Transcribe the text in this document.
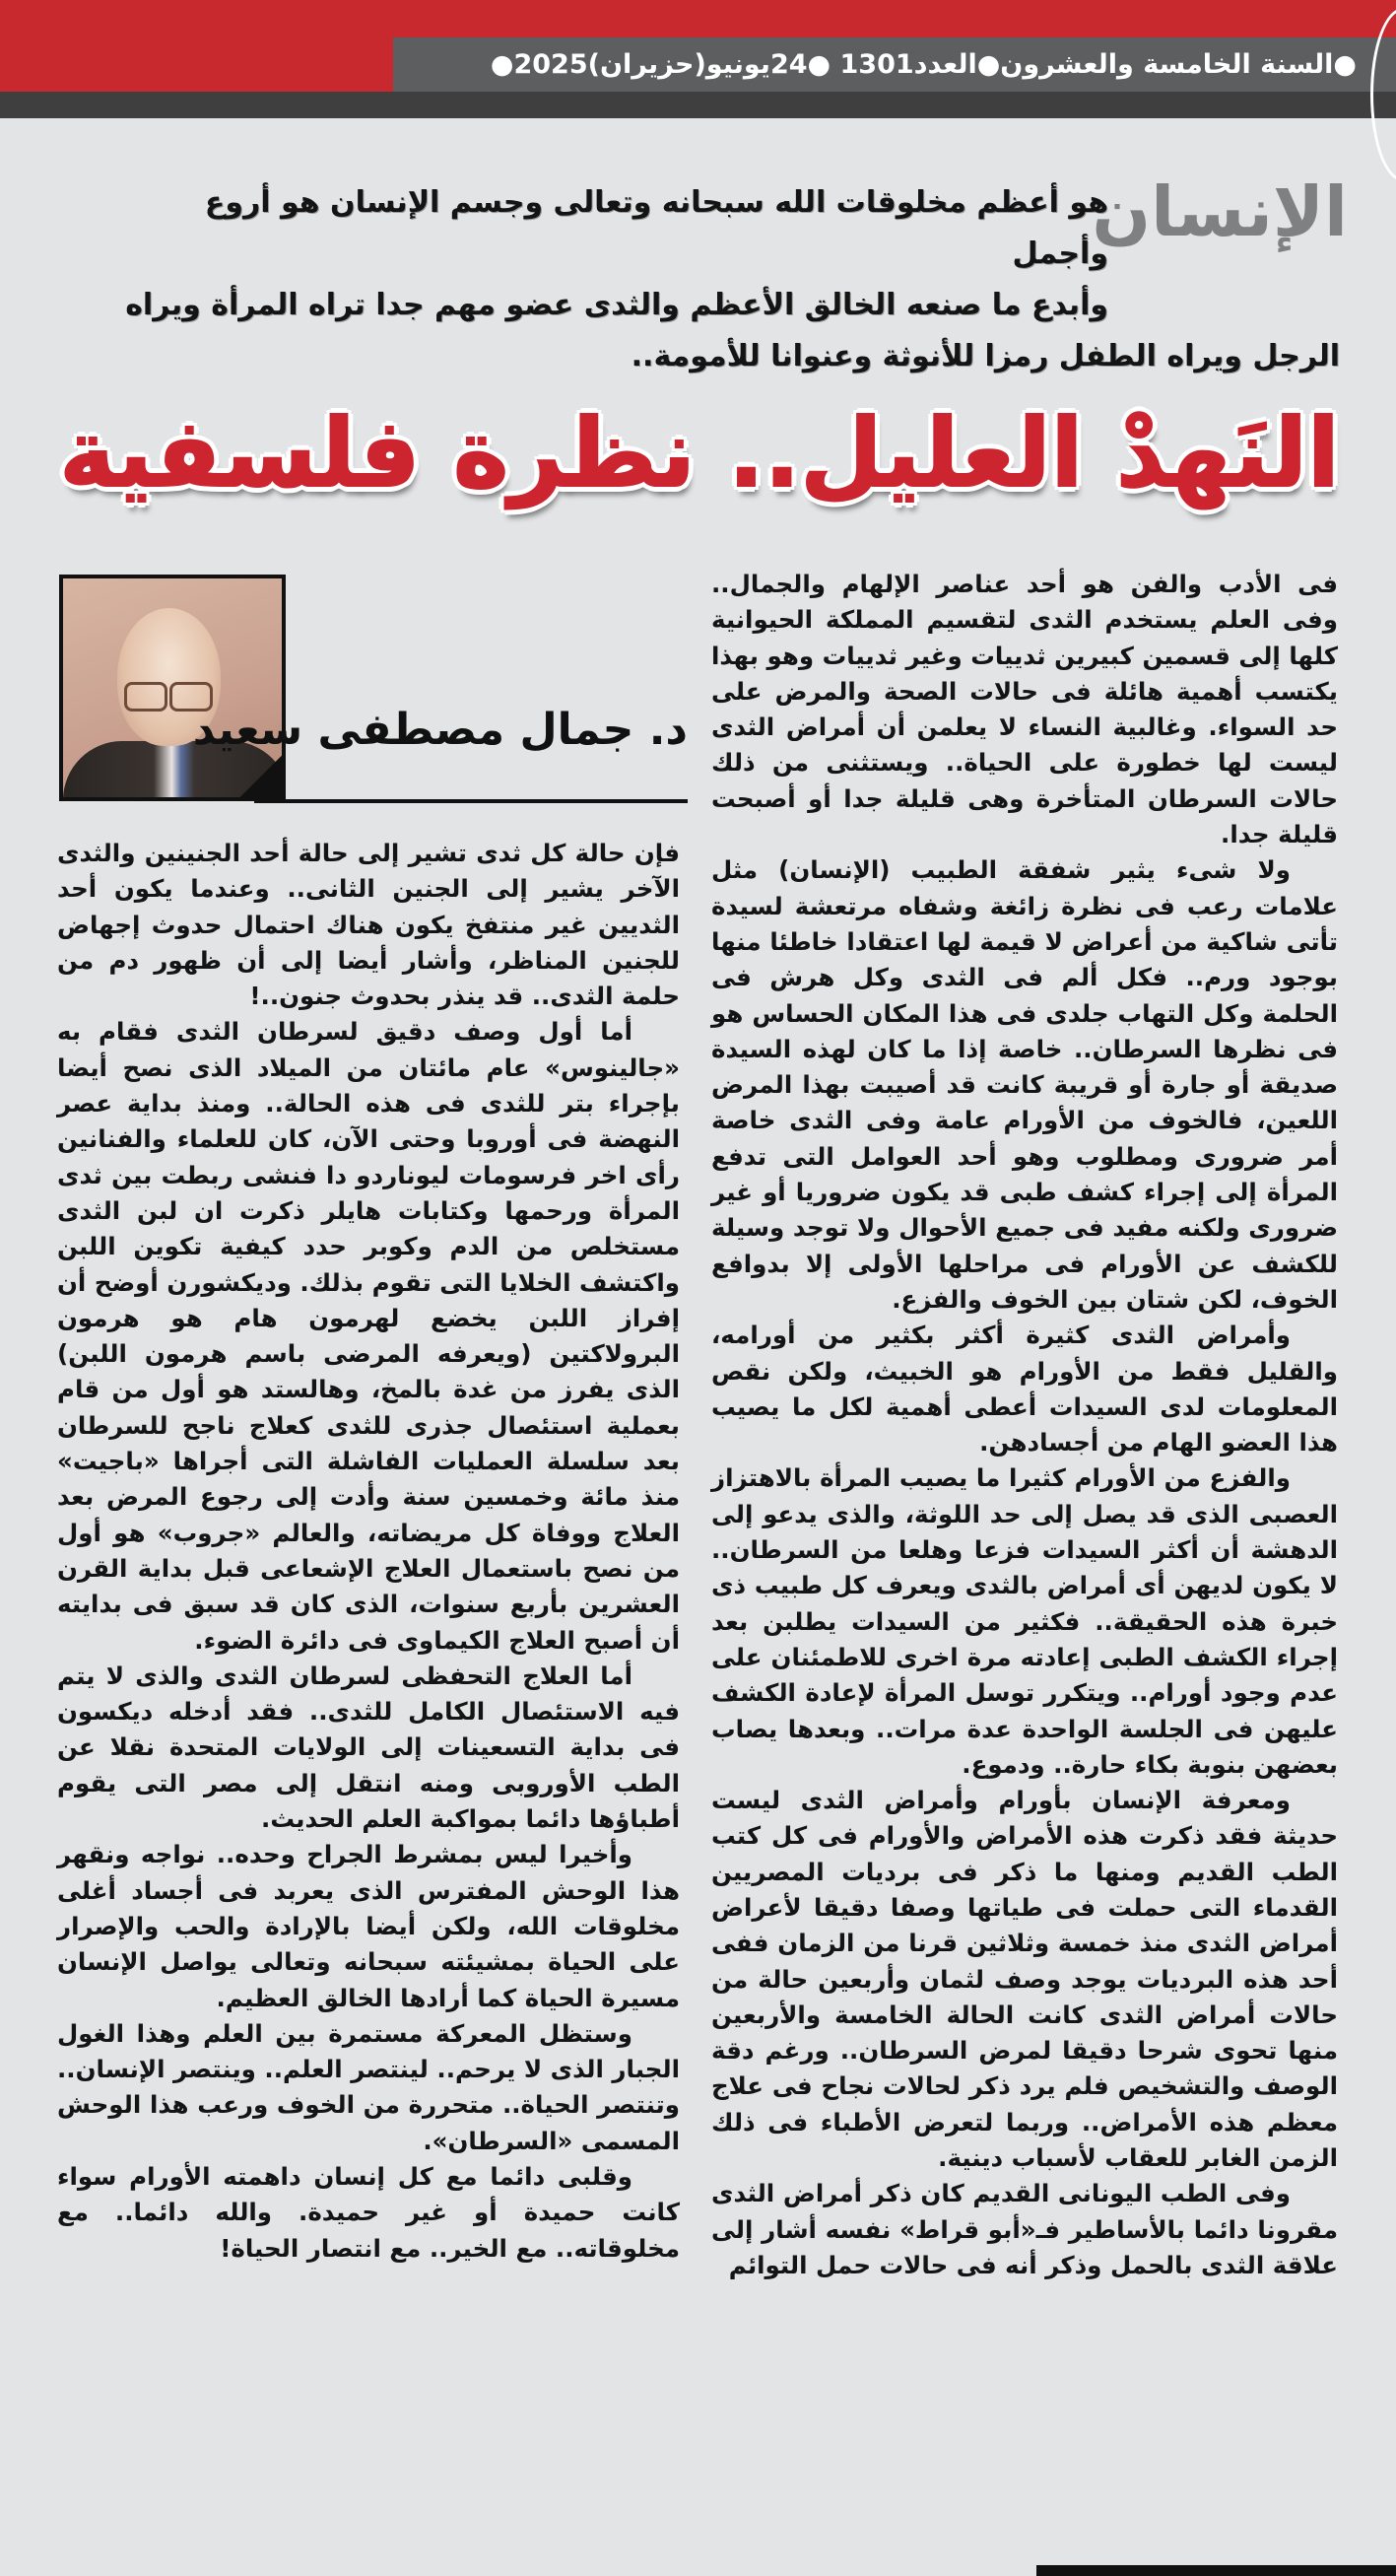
●السنة الخامسة والعشرون●العدد1301 ●24يونيو(حزيران)2025●
الإنسان
هو أعظم مخلوقات الله سبحانه وتعالى وجسم الإنسان هو أروع وأجمل
وأبدع ما صنعه الخالق الأعظم والثدى عضو مهم جدا تراه المرأة ويراه
الرجل ويراه الطفل رمزا للأنوثة وعنوانا للأمومة..
النَهدْ العليل.. نظرة فلسفية

فى الأدب والفن هو أحد عناصر الإلهام والجمال.. وفى العلم يستخدم الثدى لتقسيم المملكة الحيوانية كلها إلى قسمين كبيرين ثدييات وغير ثدييات وهو بهذا يكتسب أهمية هائلة فى حالات الصحة والمرض على حد السواء. وغالبية النساء لا يعلمن أن أمراض الثدى ليست لها خطورة على الحياة.. ويستثنى من ذلك حالات السرطان المتأخرة وهى قليلة جدا أو أصبحت قليلة جدا.

ولا شىء يثير شفقة الطبيب (الإنسان) مثل علامات رعب فى نظرة زائغة وشفاه مرتعشة لسيدة تأتى شاكية من أعراض لا قيمة لها اعتقادا خاطئا منها بوجود ورم.. فكل ألم فى الثدى وكل هرش فى الحلمة وكل التهاب جلدى فى هذا المكان الحساس هو فى نظرها السرطان.. خاصة إذا ما كان لهذه السيدة صديقة أو جارة أو قريبة كانت قد أصيبت بهذا المرض اللعين، فالخوف من الأورام عامة وفى الثدى خاصة أمر ضرورى ومطلوب وهو أحد العوامل التى تدفع المرأة إلى إجراء كشف طبى قد يكون ضروريا أو غير ضرورى ولكنه مفيد فى جميع الأحوال ولا توجد وسيلة للكشف عن الأورام فى مراحلها الأولى إلا بدوافع الخوف، لكن شتان بين الخوف والفزع.

وأمراض الثدى كثيرة أكثر بكثير من أورامه، والقليل فقط من الأورام هو الخبيث، ولكن نقص المعلومات لدى السيدات أعطى أهمية لكل ما يصيب هذا العضو الهام من أجسادهن.

والفزع من الأورام كثيرا ما يصيب المرأة بالاهتزاز العصبى الذى قد يصل إلى حد اللوثة، والذى يدعو إلى الدهشة أن أكثر السيدات فزعا وهلعا من السرطان.. لا يكون لديهن أى أمراض بالثدى ويعرف كل طبيب ذى خبرة هذه الحقيقة.. فكثير من السيدات يطلبن بعد إجراء الكشف الطبى إعادته مرة اخرى للاطمئنان على عدم وجود أورام.. ويتكرر توسل المرأة لإعادة الكشف عليهن فى الجلسة الواحدة عدة مرات.. وبعدها يصاب بعضهن بنوبة بكاء حارة.. ودموع.

ومعرفة الإنسان بأورام وأمراض الثدى ليست حديثة فقد ذكرت هذه الأمراض والأورام فى كل كتب الطب القديم ومنها ما ذكر فى برديات المصريين القدماء التى حملت فى طياتها وصفا دقيقا لأعراض أمراض الثدى منذ خمسة وثلاثين قرنا من الزمان ففى أحد هذه البرديات يوجد وصف لثمان وأربعين حالة من حالات أمراض الثدى كانت الحالة الخامسة والأربعين منها تحوى شرحا دقيقا لمرض السرطان.. ورغم دقة الوصف والتشخيص فلم يرد ذكر لحالات نجاح فى علاج معظم هذه الأمراض.. وربما لتعرض الأطباء فى ذلك الزمن الغابر للعقاب لأسباب دينية.

وفى الطب اليونانى القديم كان ذكر أمراض الثدى مقرونا دائما بالأساطير فـ«أبو قراط» نفسه أشار إلى علاقة الثدى بالحمل وذكر أنه فى حالات حمل التوائم

د. جمال مصطفى سعيد

فإن حالة كل ثدى تشير إلى حالة أحد الجنينين والثدى الآخر يشير إلى الجنين الثانى.. وعندما يكون أحد الثديين غير منتفخ يكون هناك احتمال حدوث إجهاض للجنين المناظر، وأشار أيضا إلى أن ظهور دم من حلمة الثدى.. قد ينذر بحدوث جنون..!

أما أول وصف دقيق لسرطان الثدى فقام به «جالينوس» عام مائتان من الميلاد الذى نصح أيضا بإجراء بتر للثدى فى هذه الحالة.. ومنذ بداية عصر النهضة فى أوروبا وحتى الآن، كان للعلماء والفنانين رأى اخر فرسومات ليوناردو دا فنشى ربطت بين ثدى المرأة ورحمها وكتابات هايلر ذكرت ان لبن الثدى مستخلص من الدم وكوبر حدد كيفية تكوين اللبن واكتشف الخلايا التى تقوم بذلك. وديكشورن أوضح أن إفراز اللبن يخضع لهرمون هام هو هرمون البرولاكتين (ويعرفه المرضى باسم هرمون اللبن) الذى يفرز من غدة بالمخ، وهالستد هو أول من قام بعملية استئصال جذرى للثدى كعلاج ناجح للسرطان بعد سلسلة العمليات الفاشلة التى أجراها «باجيت» منذ مائة وخمسين سنة وأدت إلى رجوع المرض بعد العلاج ووفاة كل مريضاته، والعالم «جروب» هو أول من نصح باستعمال العلاج الإشعاعى قبل بداية القرن العشرين بأربع سنوات، الذى كان قد سبق فى بدايته أن أصبح العلاج الكيماوى فى دائرة الضوء.

أما العلاج التحفظى لسرطان الثدى والذى لا يتم فيه الاستئصال الكامل للثدى.. فقد أدخله ديكسون فى بداية التسعينات إلى الولايات المتحدة نقلا عن الطب الأوروبى ومنه انتقل إلى مصر التى يقوم أطباؤها دائما بمواكبة العلم الحديث.

وأخيرا ليس بمشرط الجراح وحده.. نواجه ونقهر هذا الوحش المفترس الذى يعربد فى أجساد أغلى مخلوقات الله، ولكن أيضا بالإرادة والحب والإصرار على الحياة بمشيئته سبحانه وتعالى يواصل الإنسان مسيرة الحياة كما أرادها الخالق العظيم.

وستظل المعركة مستمرة بين العلم وهذا الغول الجبار الذى لا يرحم.. لينتصر العلم.. وينتصر الإنسان.. وتنتصر الحياة.. متحررة من الخوف ورعب هذا الوحش المسمى «السرطان».

وقلبى دائما مع كل إنسان داهمته الأورام سواء كانت حميدة أو غير حميدة. والله دائما.. مع مخلوقاته.. مع الخير.. مع انتصار الحياة!
